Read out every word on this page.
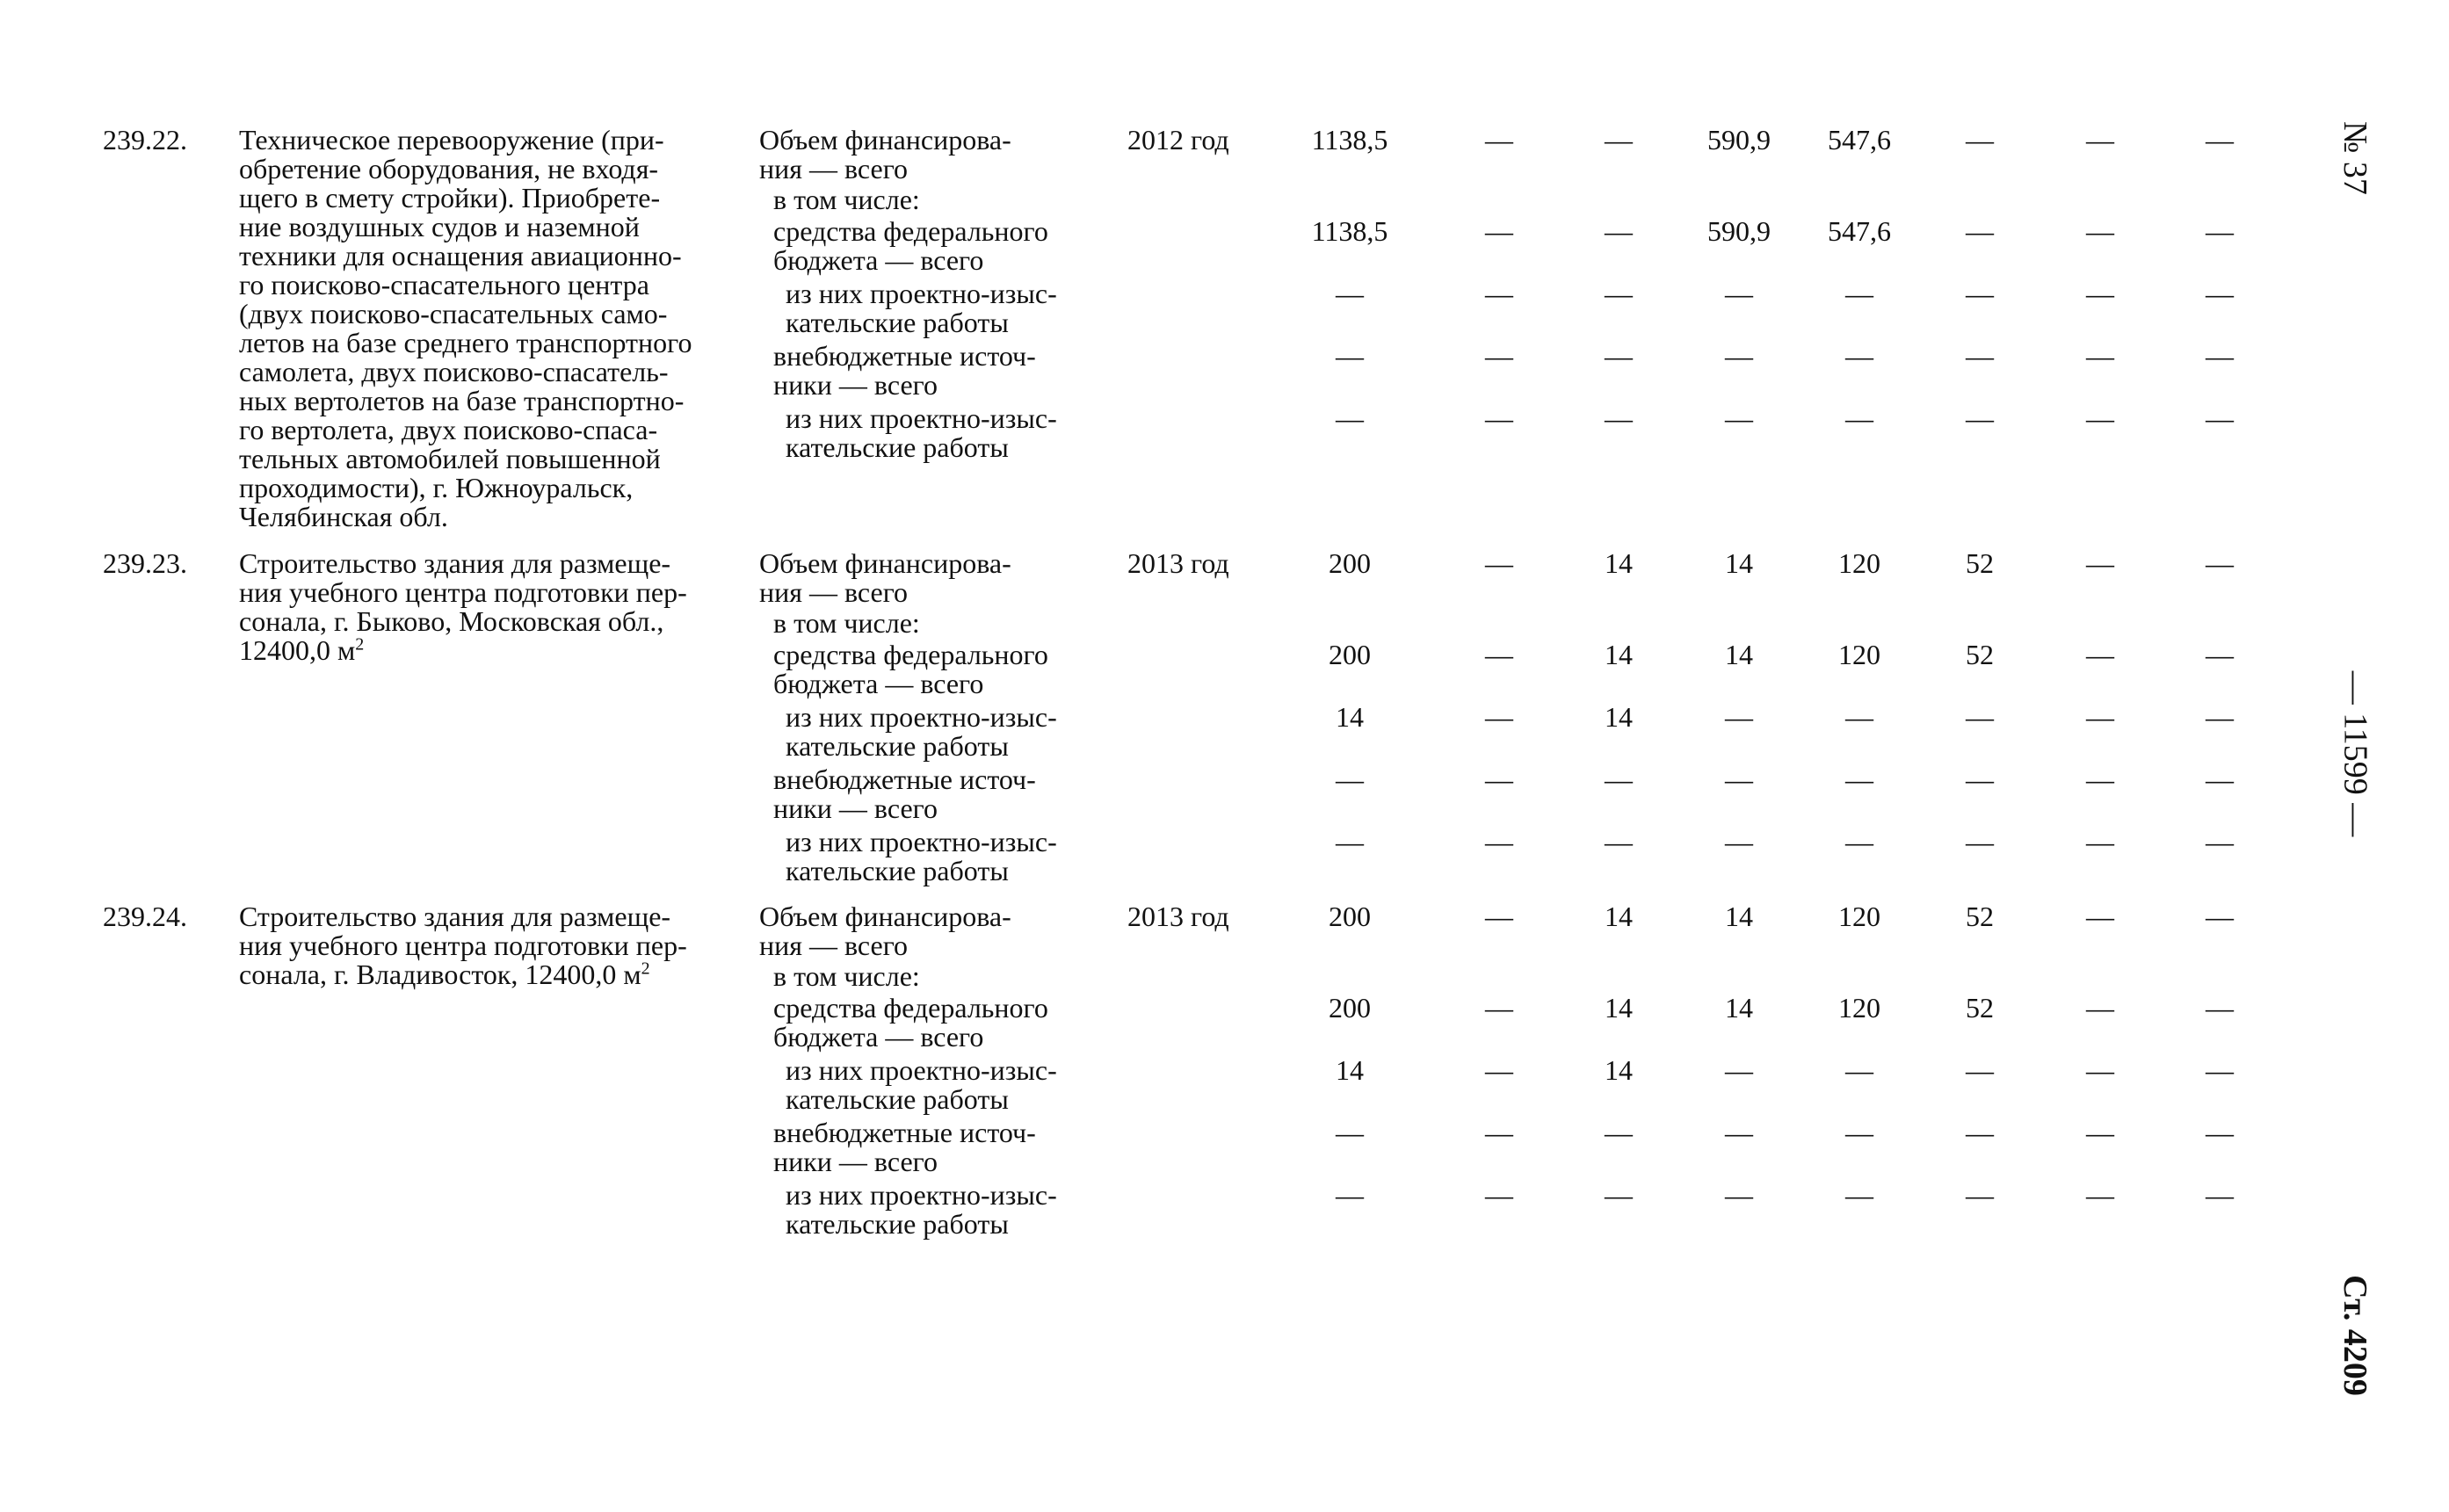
239.22. Техническое перевооружение (при-
обретение оборудования, не входя-
щего в смету стройки). Приобрете-
ние воздушных судов и наземной
техники для оснащения авиационно-
го поисково-спасательного центра
(двух поисково-спасательных само-
летов на базе среднего транспортного
самолета, двух поисково-спасатель-
ных вертолетов на базе транспортно-
го вертолета, двух поисково-спаса-
тельных автомобилей повышенной
проходимости), г. Южноуральск,
Челябинская обл.
2012 год
Объем финансирова-
ния — всего
1138,5	—	—	590,9	547,6	—	—	—
в том числе:
средства федерального
бюджета — всего
1138,5	—	—	590,9	547,6	—	—	—
из них проектно-изыс-
кательские работы
—	—	—	—	—	—	—	—
внебюджетные источ-
ники — всего
—	—	—	—	—	—	—	—
из них проектно-изыс-
кательские работы
—	—	—	—	—	—	—	—
239.23. Строительство здания для размеще-
ния учебного центра подготовки пер-
сонала, г. Быково, Московская обл.,
12400,0 $м^2$
2013 год
Объем финансирова-
ния — всего
200	—	14	14	120	52	—	—
в том числе:
средства федерального
бюджета — всего
200	—	14	14	120	52	—	—
из них проектно-изыс-
кательские работы
14	—	14	—	—	—	—	—
внебюджетные источ-
ники — всего
—	—	—	—	—	—	—	—
из них проектно-изыс-
кательские работы
—	—	—	—	—	—	—	—
239.24. Строительство здания для размеще-
ния учебного центра подготовки пер-
сонала, г. Владивосток, 12400,0 $м^2$
2013 год
Объем финансирова-
ния — всего
200	—	14	14	120	52	—	—
в том числе:
средства федерального
бюджета — всего
200	—	14	14	120	52	—	—
из них проектно-изыс-
кательские работы
14	—	14	—	—	—	—	—
внебюджетные источ-
ники — всего
—	—	—	—	—	—	—	—
из них проектно-изыс-
кательские работы
—	—	—	—	—	—	—	—
№ 37
— 11599 —
Ст. 4209
